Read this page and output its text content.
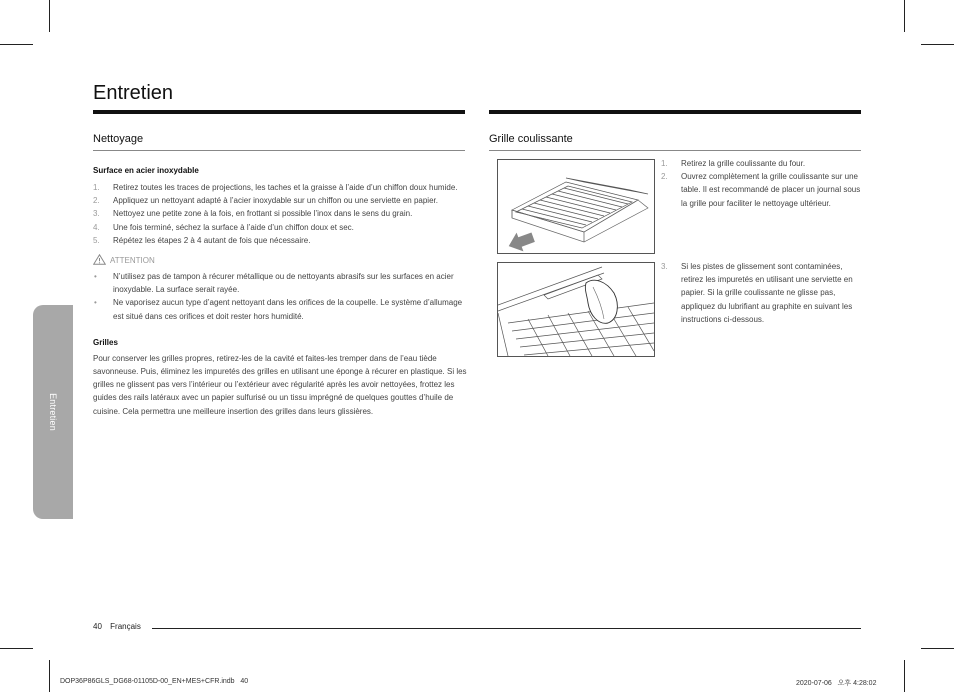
Entretien
Entretien
Nettoyage
Surface en acier inoxydable
1. Retirez toutes les traces de projections, les taches et la graisse à l’aide d’un chiffon doux humide.
2. Appliquez un nettoyant adapté à l’acier inoxydable sur un chiffon ou une serviette en papier.
3. Nettoyez une petite zone à la fois, en frottant si possible l’inox dans le sens du grain.
4. Une fois terminé, séchez la surface à l’aide d’un chiffon doux et sec.
5. Répétez les étapes 2 à 4 autant de fois que nécessaire.
ATTENTION
• N’utilisez pas de tampon à récurer métallique ou de nettoyants abrasifs sur les surfaces en acier inoxydable. La surface serait rayée.
• Ne vaporisez aucun type d’agent nettoyant dans les orifices de la coupelle. Le système d’allumage est situé dans ces orifices et doit rester hors humidité.
Grilles
Pour conserver les grilles propres, retirez-les de la cavité et faites-les tremper dans de l’eau tiède savonneuse. Puis, éliminez les impuretés des grilles en utilisant une éponge à récurer en plastique. Si les grilles ne glissent pas vers l’intérieur ou l’extérieur avec régularité après les avoir nettoyées, frottez les guides des rails latéraux avec un papier sulfurisé ou un tissu imprégné de quelques gouttes d’huile de cuisine. Cela permettra une meilleure insertion des grilles dans leurs glissières.
Grille coulissante
1. Retirez la grille coulissante du four.
2. Ouvrez complètement la grille coulissante sur une table. Il est recommandé de placer un journal sous la grille pour faciliter le nettoyage ultérieur.
3. Si les pistes de glissement sont contaminées, retirez les impuretés en utilisant une serviette en papier. Si la grille coulissante ne glisse pas, appliquez du lubrifiant au graphite en suivant les instructions ci-dessous.
40 Français
DOP36P86GLS_DG68-01105D-00_EN+MES+CFR.indb   40	2020-07-06   오후 4:28:02
